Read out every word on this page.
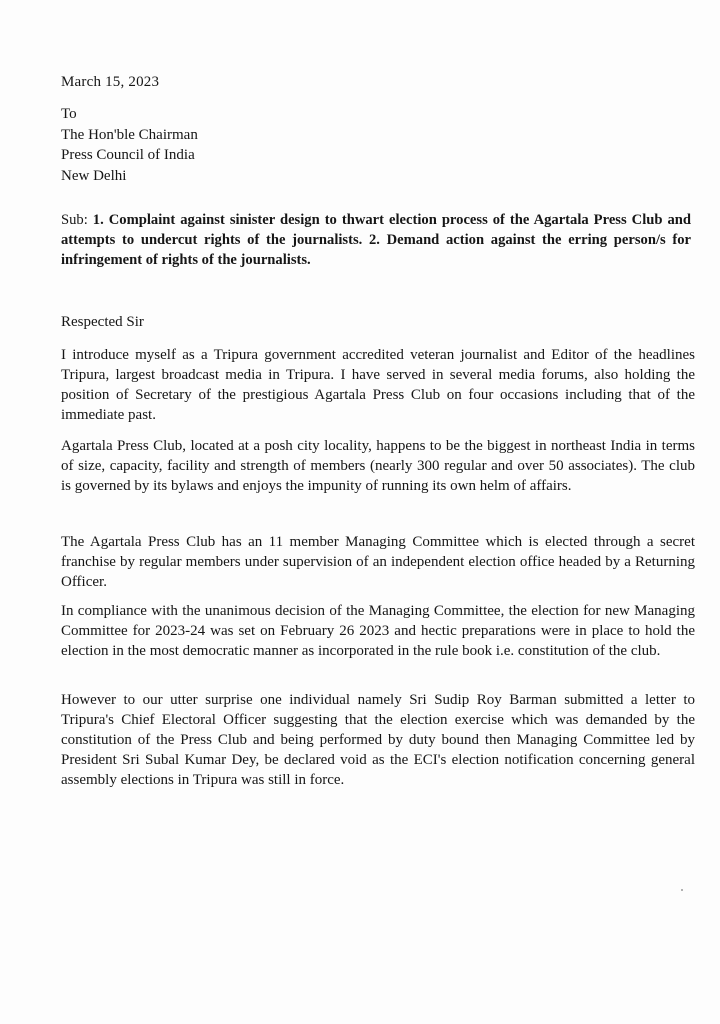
March 15, 2023
To
The Hon'ble Chairman
Press Council of India
New Delhi
Sub: 1. Complaint against sinister design to thwart election process of the Agartala Press Club and attempts to undercut rights of the journalists. 2. Demand action against the erring person/s for infringement of rights of the journalists.
Respected Sir
I introduce myself as a Tripura government accredited veteran journalist and Editor of the headlines Tripura, largest broadcast media in Tripura. I have served in several media forums, also holding the position of Secretary of the prestigious Agartala Press Club on four occasions including that of the immediate past.
Agartala Press Club, located at a posh city locality, happens to be the biggest in northeast India in terms of size, capacity, facility and strength of members (nearly 300 regular and over 50 associates). The club is governed by its bylaws and enjoys the impunity of running its own helm of affairs.
The Agartala Press Club has an 11 member Managing Committee which is elected through a secret franchise by regular members under supervision of an independent election office headed by a Returning Officer.
In compliance with the unanimous decision of the Managing Committee, the election for new Managing Committee for 2023-24 was set on February 26 2023 and hectic preparations were in place to hold the election in the most democratic manner as incorporated in the rule book i.e. constitution of the club.
However to our utter surprise one individual namely Sri Sudip Roy Barman submitted a letter to Tripura's Chief Electoral Officer suggesting that the election exercise which was demanded by the constitution of the Press Club and being performed by duty bound then Managing Committee led by President Sri Subal Kumar Dey, be declared void as the ECI's election notification concerning general assembly elections in Tripura was still in force.
